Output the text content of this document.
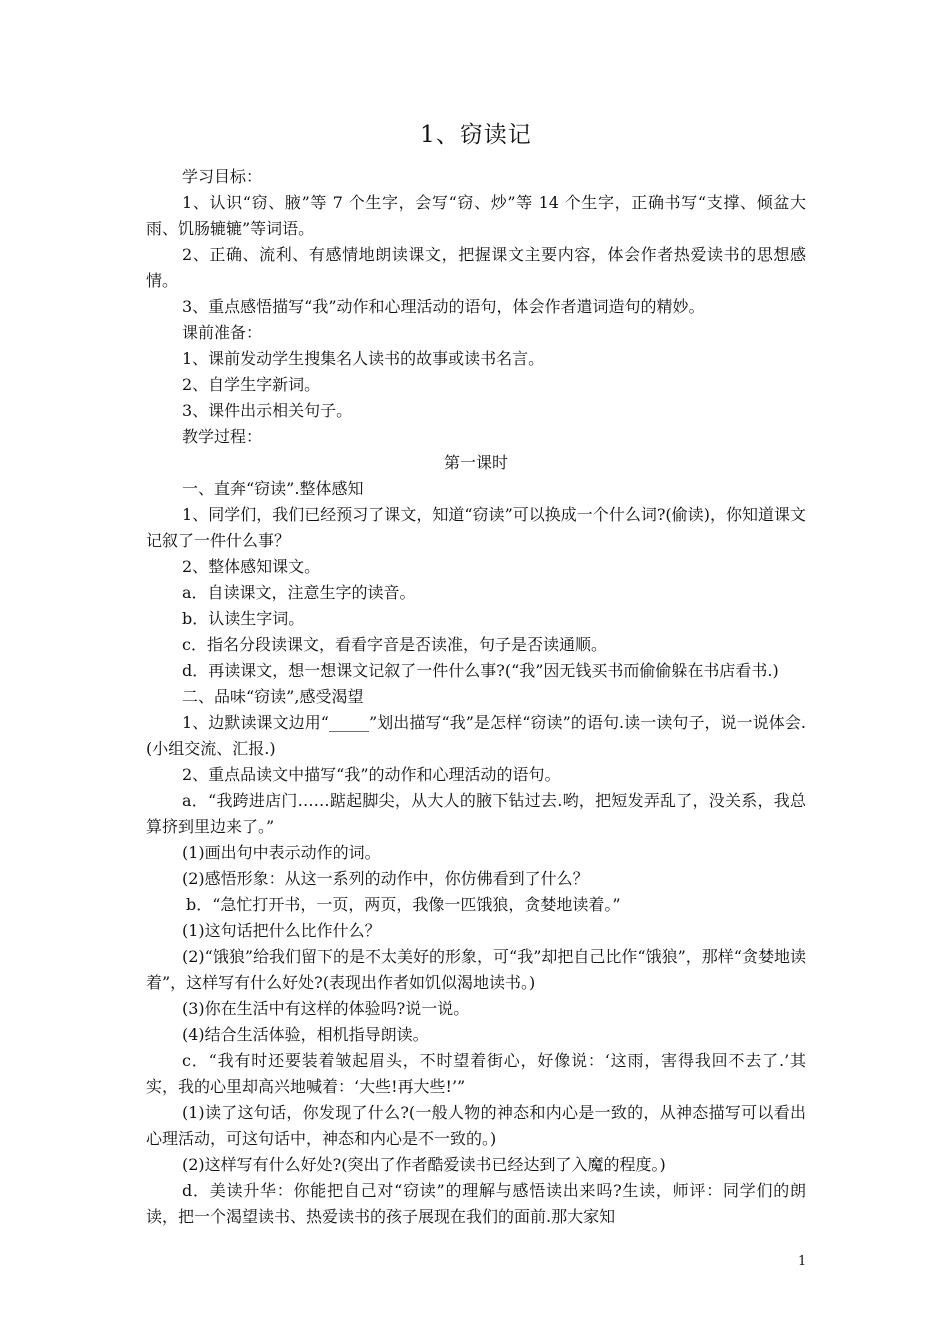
1、窃读记

学习目标：

1、认识“窃、腋”等 7 个生字，会写“窃、炒”等 14 个生字，正确书写“支撑、倾盆大雨、饥肠辘辘”等词语。

2、正确、流利、有感情地朗读课文，把握课文主要内容，体会作者热爱读书的思想感情。

3、重点感悟描写“我”动作和心理活动的语句，体会作者遣词造句的精妙。

课前准备：

1、课前发动学生搜集名人读书的故事或读书名言。

2、自学生字新词。

3、课件出示相关句子。

教学过程：

第一课时

一、直奔“窃读”.整体感知

1、同学们，我们已经预习了课文，知道“窃读”可以换成一个什么词?(偷读)，你知道课文记叙了一件什么事？

2、整体感知课文。

a．自读课文，注意生字的读音。

b．认读生字词。

c．指名分段读课文，看看字音是否读准，句子是否读通顺。

d．再读课文，想一想课文记叙了一件什么事?(“我”因无钱买书而偷偷躲在书店看书.)

二、品味“窃读”,感受渴望

1、边默读课文边用“_____”划出描写“我”是怎样“窃读”的语句.读一读句子，说一说体会.(小组交流、汇报.)

2、重点品读文中描写“我”的动作和心理活动的语句。

a．“我跨进店门……踮起脚尖，从大人的腋下钻过去.哟，把短发弄乱了，没关系，我总算挤到里边来了。”

(1)画出句中表示动作的词。

(2)感悟形象：从这一系列的动作中，你仿佛看到了什么？

b．“急忙打开书，一页，两页，我像一匹饿狼，贪婪地读着。”

(1)这句话把什么比作什么？

(2)“饿狼”给我们留下的是不太美好的形象，可“我”却把自己比作“饿狼”，那样“贪婪地读着”，这样写有什么好处?(表现出作者如饥似渴地读书。)

(3)你在生活中有这样的体验吗?说一说。

(4)结合生活体验，相机指导朗读。

c．“我有时还要装着皱起眉头，不时望着街心，好像说：‘这雨，害得我回不去了.’其实，我的心里却高兴地喊着：‘大些!再大些!’”

(1)读了这句话，你发现了什么?(一般人物的神态和内心是一致的，从神态描写可以看出心理活动，可这句话中，神态和内心是不一致的。)

(2)这样写有什么好处?(突出了作者酷爱读书已经达到了入魔的程度。)

d．美读升华：你能把自己对“窃读”的理解与感悟读出来吗?生读，师评：同学们的朗读，把一个渴望读书、热爱读书的孩子展现在我们的面前.那大家知

1
